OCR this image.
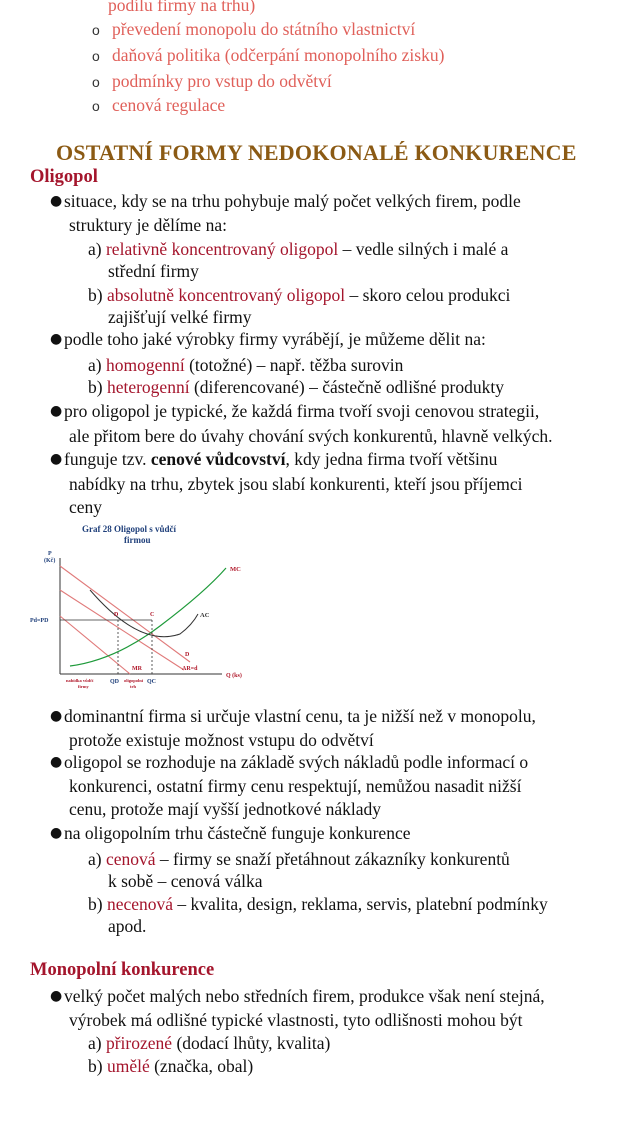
podílu firmy na trhu)
o převedení monopolu do státního vlastnictví
o daňová politika (odčerpání monopolního zisku)
o podmínky pro vstup do odvětví
o cenová regulace
OSTATNÍ FORMY NEDOKONALÉ KONKURENCE
Oligopol
● situace, kdy se na trhu pohybuje malý počet velkých firem, podle
struktury je dělíme na:
a) relativně koncentrovaný oligopol – vedle silných i malé a
střední firmy
b) absolutně koncentrovaný oligopol – skoro celou produkci
zajišťují velké firmy
● podle toho jaké výrobky firmy vyrábějí, je můžeme dělit na:
a) homogenní (totožné) – např. těžba surovin
b) heterogenní (diferencované) – částečně odlišné produkty
● pro oligopol je typické, že každá firma tvoří svoji cenovou strategii,
ale přitom bere do úvahy chování svých konkurentů, hlavně velkých.
● funguje tzv. cenové vůdcovství, kdy jedna firma tvoří většinu
nabídky na trhu, zbytek jsou slabí konkurenti, kteří jsou příjemci
ceny
Graf 28 Oligopol s vůdčí
firmou
P
(Kč)
Q (ks)
MC
AC
Pd=PD
D	C
D
MR	AR=d
nabídka vůdčí
firmy
QD oligopolní
trh
QC
● dominantní firma si určuje vlastní cenu, ta je nižší než v monopolu,
protože existuje možnost vstupu do odvětví
● oligopol se rozhoduje na základě svých nákladů podle informací o
konkurenci, ostatní firmy cenu respektují, nemůžou nasadit nižší
cenu, protože mají vyšší jednotkové náklady
● na oligopolním trhu částečně funguje konkurence
a) cenová – firmy se snaží přetáhnout zákazníky konkurentů
k sobě – cenová válka
b) necenová – kvalita, design, reklama, servis, platební podmínky
apod.
Monopolní konkurence
● velký počet malých nebo středních firem, produkce však není stejná,
výrobek má odlišné typické vlastnosti, tyto odlišnosti mohou být
a) přirozené (dodací lhůty, kvalita)
b) umělé (značka, obal)
